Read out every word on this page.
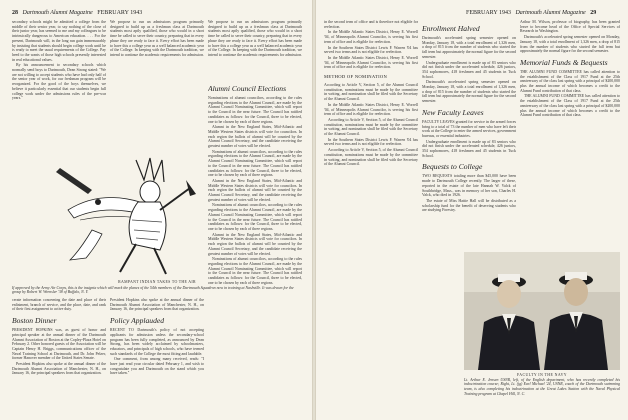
28 Dartmouth Alumni Magazine FEBRUARY 1943

secondary schools might be admitted a college from the middle of their senior year, to say nothing of the close of their junior year, has seemed to me and my colleagues to be intrinsically dangerous to American education. . . . For the present, Dartmouth will, in the long run gain immeasurably by insisting that students should begin college work until he is ready to meet the usual requirements of the College. Pay heed to the wants of those high schools presently interested in real educational values.

By his announcement to secondary schools which normally send boys to Dartmouth, Dean Strong stated: "We are not willing to accept students who have had only half of the senior year of work, for our freshman program will be reorganized. For the good of the boys themselves, we believe it particularly essential that our students begin full college work under the admissions rules of the pre-war years."

We propose to run an admissions program primarily designed to build up as a freshman class at Dartmouth students most aptly qualified, those who would in a short time be called to serve their country, preparing that in every phase they are ready to face it. Every effort has been made to have this a college year as a well balanced academic year of the College. In keeping with the Dartmouth tradition, we intend to continue the academic requirements for admission.

We propose to run an admissions program primarily designed to build up as a freshman class at Dartmouth students most aptly qualified, those who would in a short time be called to serve their country, preparing that in every phase they are ready to face it. Every effort has been made to have this a college year as a well balanced academic year of the College. In keeping with the Dartmouth tradition, we intend to continue the academic requirements for admission.

Alumni Council Elections

Nominations of alumni councilors, according to the rules regarding elections to the Alumni Council, are made by the Alumni Council Nominating Committee, which will report to the Council in the near future. The Council has ratified candidates as follows: for the Council, three to be elected, one to be chosen by each of three regions.

Alumni in the New England States, Mid-Atlantic and Middle Western States districts will vote for councilors. In each region the ballots of alumni will be counted by the Alumni Council Secretary, and the candidate receiving the greatest number of votes will be elected.

Nominations of alumni councilors, according to the rules regarding elections to the Alumni Council, are made by the Alumni Council Nominating Committee, which will report to the Council in the near future. The Council has ratified candidates as follows: for the Council, three to be elected, one to be chosen by each of three regions.

Alumni in the New England States, Mid-Atlantic and Middle Western States districts will vote for councilors. In each region the ballots of alumni will be counted by the Alumni Council Secretary, and the candidate receiving the greatest number of votes will be elected.

Nominations of alumni councilors, according to the rules regarding elections to the Alumni Council, are made by the Alumni Council Nominating Committee, which will report to the Council in the near future. The Council has ratified candidates as follows: for the Council, three to be elected, one to be chosen by each of three regions.

Alumni in the New England States, Mid-Atlantic and Middle Western States districts will vote for councilors. In each region the ballots of alumni will be counted by the Alumni Council Secretary, and the candidate receiving the greatest number of votes will be elected.

Nominations of alumni councilors, according to the rules regarding elections to the Alumni Council, are made by the Alumni Council Nominating Committee, which will report to the Council in the near future. The Council has ratified candidates as follows: for the Council, three to be elected, one to be chosen by each of three regions.

RAMPANT INDIAN TAKES TO THE AIR
If approved by the Army Air Corps, this is the insignia which will mark the planes of the 54th members of the Dartmouth Squadron now in training at Nashville. It was drawn for the group by Robert W. Wrensler '38 of Buffalo, N. Y.

cerate information concerning the date and place of their enlistment, branch of service, and the place, date, and rank of their first assignment to active duty.

Boston Dinner

PRESIDENT HOPKINS was, as guest of honor and principal speaker at the annual dinner of the Dartmouth Alumni Association of Boston at the Copley-Plaza Hotel on February 2. Other honored guests of the Association will be Captain Henry H. Briggs, communications officer of the Naval Training School at Dartmouth, and Dr. John Pelzer, former Hanover member of the United States Senate.

President Hopkins also spoke at the annual dinner of the Dartmouth Alumni Association of Manchester, N. H., on January 16, the principal speakers from that organization.

President Hopkins also spoke at the annual dinner of the Dartmouth Alumni Association of Manchester, N. H., on January 16, the principal speakers from that organization.

Policy Applauded

RECENT TO Dartmouth's policy of not accepting applicants for admission unless the secondary-school program has been fully completed, as announced by Dean Strong, has been widely acclaimed by schoolmasters, educators, and principals of high schools, who have termed such standards of the College the most fitting and laudable.

One comment, from among many received, reads: "I have just read your circular dated February 1, and wish to congratulate you and Dartmouth on the stand which you have taken."

FEBRUARY 1943 Dartmouth Alumni Magazine 29

in the second term of office and is therefore not eligible for reelection.

In the Middle Atlantic States District, Henry E. Worrell '04, of Minneapolis Alumni Councilor, is serving his first term of office and is eligible for reelection.

In the Southern States District Lewis F. Warren '04 has served two terms and is not eligible for reelection.

In the Middle Atlantic States District, Henry E. Worrell '04, of Minneapolis Alumni Councilor, is serving his first term of office and is eligible for reelection.

METHOD OF NOMINATION

According to Article V, Section 5, of the Alumni Council constitution, nominations must be made by the committee in writing, and nomination shall be filed with the Secretary of the Alumni Council.

In the Middle Atlantic States District, Henry E. Worrell '04, of Minneapolis Alumni Councilor, is serving his first term of office and is eligible for reelection.

According to Article V, Section 5, of the Alumni Council constitution, nominations must be made by the committee in writing, and nomination shall be filed with the Secretary of the Alumni Council.

In the Southern States District Lewis F. Warren '04 has served two terms and is not eligible for reelection.

According to Article V, Section 5, of the Alumni Council constitution, nominations must be made by the committee in writing, and nomination shall be filed with the Secretary of the Alumni Council.

Enrollment Halved

Dartmouth's accelerated spring semester opened on Monday, January 18, with a total enrollment of 1,326 men, a drop of 815 from the number of students who started the fall term but approximately the normal figure for the second semester.

Undergraduate enrollment is made up of 83 seniors who did not finish under the accelerated schedule, 426 juniors, 354 sophomores, 418 freshmen and 45 students in Tuck School.

Dartmouth's accelerated spring semester opened on Monday, January 18, with a total enrollment of 1,326 men, a drop of 815 from the number of students who started the fall term but approximately the normal figure for the second semester.

New Faculty Leaves

FACULTY LEAVES granted for service in the armed forces bring to a total of 73 the number of men who have left their work at the College to enter the armed services, government bureaus, or essential industries.

Undergraduate enrollment is made up of 83 seniors who did not finish under the accelerated schedule, 426 juniors, 354 sophomores, 418 freshmen and 45 students in Tuck School.

Bequests to College

TWO BEQUESTS totaling more than $45,000 have been made to Dartmouth College recently. The larger of these, reported in the estate of the late Hannah W. Valck of Southbridge, Mass., was in memory of her son, Charles H. Valck, who died in 1926.

The estate of Miss Hattie Hall will be distributed as a scholarship fund for the benefit of deserving students who are studying Forestry.

Arthur M. Wilson, professor of biography, has been granted leave to become head of the Office of Special Services of Research in Washington.

Dartmouth's accelerated spring semester opened on Monday, January 18, with a total enrollment of 1,326 men, a drop of 815 from the number of students who started the fall term but approximately the normal figure for the second semester.

Memorial Funds & Bequests

THE ALUMNI FUND COMMITTEE has called attention to the establishment of the Class of 1917 Fund at the 25th anniversary of the class last spring with a principal of $200,000 plus the annual income of which becomes a credit to the Alumni Fund contribution of that class.

THE ALUMNI FUND COMMITTEE has called attention to the establishment of the Class of 1917 Fund at the 25th anniversary of the class last spring with a principal of $200,000 plus the annual income of which becomes a credit to the Alumni Fund contribution of that class.

FACULTY IN THE NAVY
Lt. Arthur E. Jensen USNR, left, of the English department, who has recently completed his indoctrination course; Right, Lt. (jg) Earl Michael '24, USNR, coach of the Dartmouth swimming team, is also completing his indoctrination at the Great Lakes Station with the Naval Physical Training program at Chapel Hill, N. C.
